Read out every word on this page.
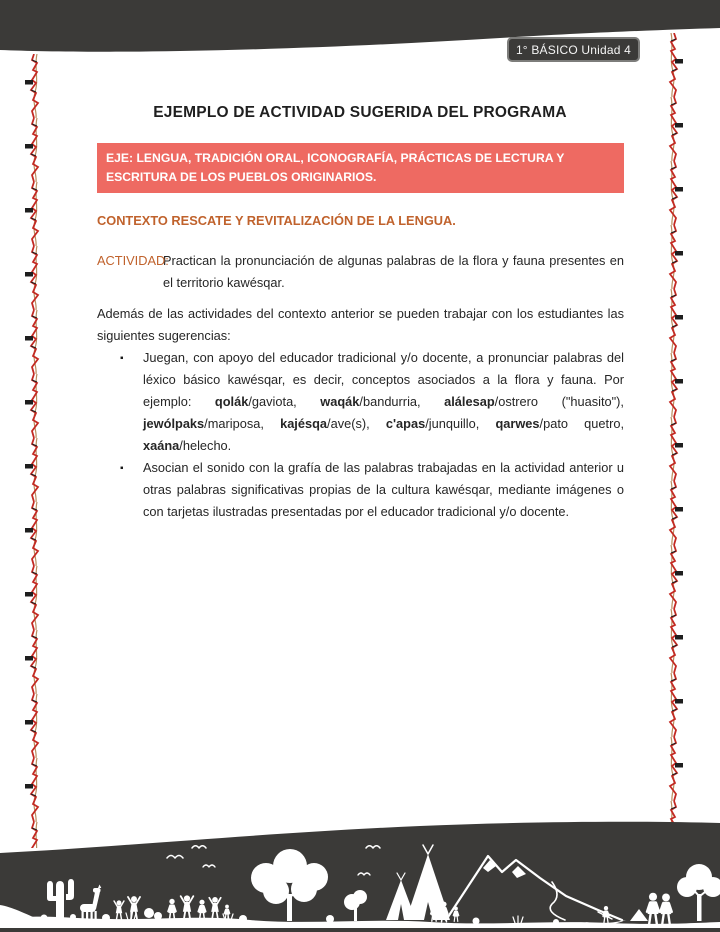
1° BÁSICO Unidad 4
EJEMPLO DE ACTIVIDAD SUGERIDA DEL PROGRAMA
EJE: LENGUA, TRADICIÓN ORAL, ICONOGRAFÍA, PRÁCTICAS DE LECTURA Y ESCRITURA DE LOS PUEBLOS ORIGINARIOS.
CONTEXTO RESCATE Y REVITALIZACIÓN DE LA LENGUA.
ACTIVIDAD:

Practican la pronunciación de algunas palabras de la flora y fauna presentes en el territorio kawésqar.

Además de las actividades del contexto anterior se pueden trabajar con los estudiantes las siguientes sugerencias:

▪ Juegan, con apoyo del educador tradicional y/o docente, a pronunciar palabras del léxico básico kawésqar, es decir, conceptos asociados a la flora y fauna. Por ejemplo: qolák/gaviota, waqák/bandurria, alálesap/ostrero ("huasito"), jewólpaks/mariposa, kajésqa/ave(s), c'apas/junquillo, qarwes/pato quetro, xaána/helecho.
▪ Asocian el sonido con la grafía de las palabras trabajadas en la actividad anterior u otras palabras significativas propias de la cultura kawésqar, mediante imágenes o con tarjetas ilustradas presentadas por el educador tradicional y/o docente.
